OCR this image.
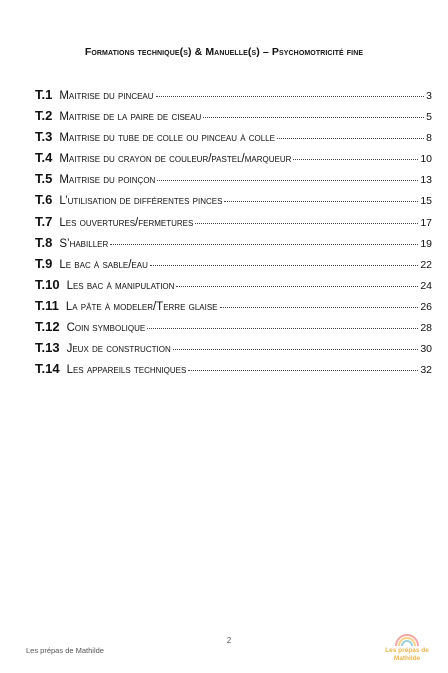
Formations technique(s) & Manuelle(s) – Psychomotricité fine
T.1 Maitrise du pinceau	3
T.2 Maitrise de la paire de ciseau	5
T.3 Maitrise du tube de colle ou pinceau à colle	8
T.4 Maitrise du crayon de couleur/pastel/marqueur	10
T.5 Maitrise du poinçon	13
T.6 L’utilisation de différentes pinces	15
T.7 Les ouvertures/fermetures	17
T.8 S’habiller	19
T.9 Le bac à sable/eau	22
T.10 Les bac à manipulation	24
T.11 La pâte à modeler/Terre glaise	26
T.12 Coin symbolique	28
T.13 Jeux de construction	30
T.14 Les appareils techniques	32
2
Les prépas de Mathilde	Les prépas de
Mathilde
